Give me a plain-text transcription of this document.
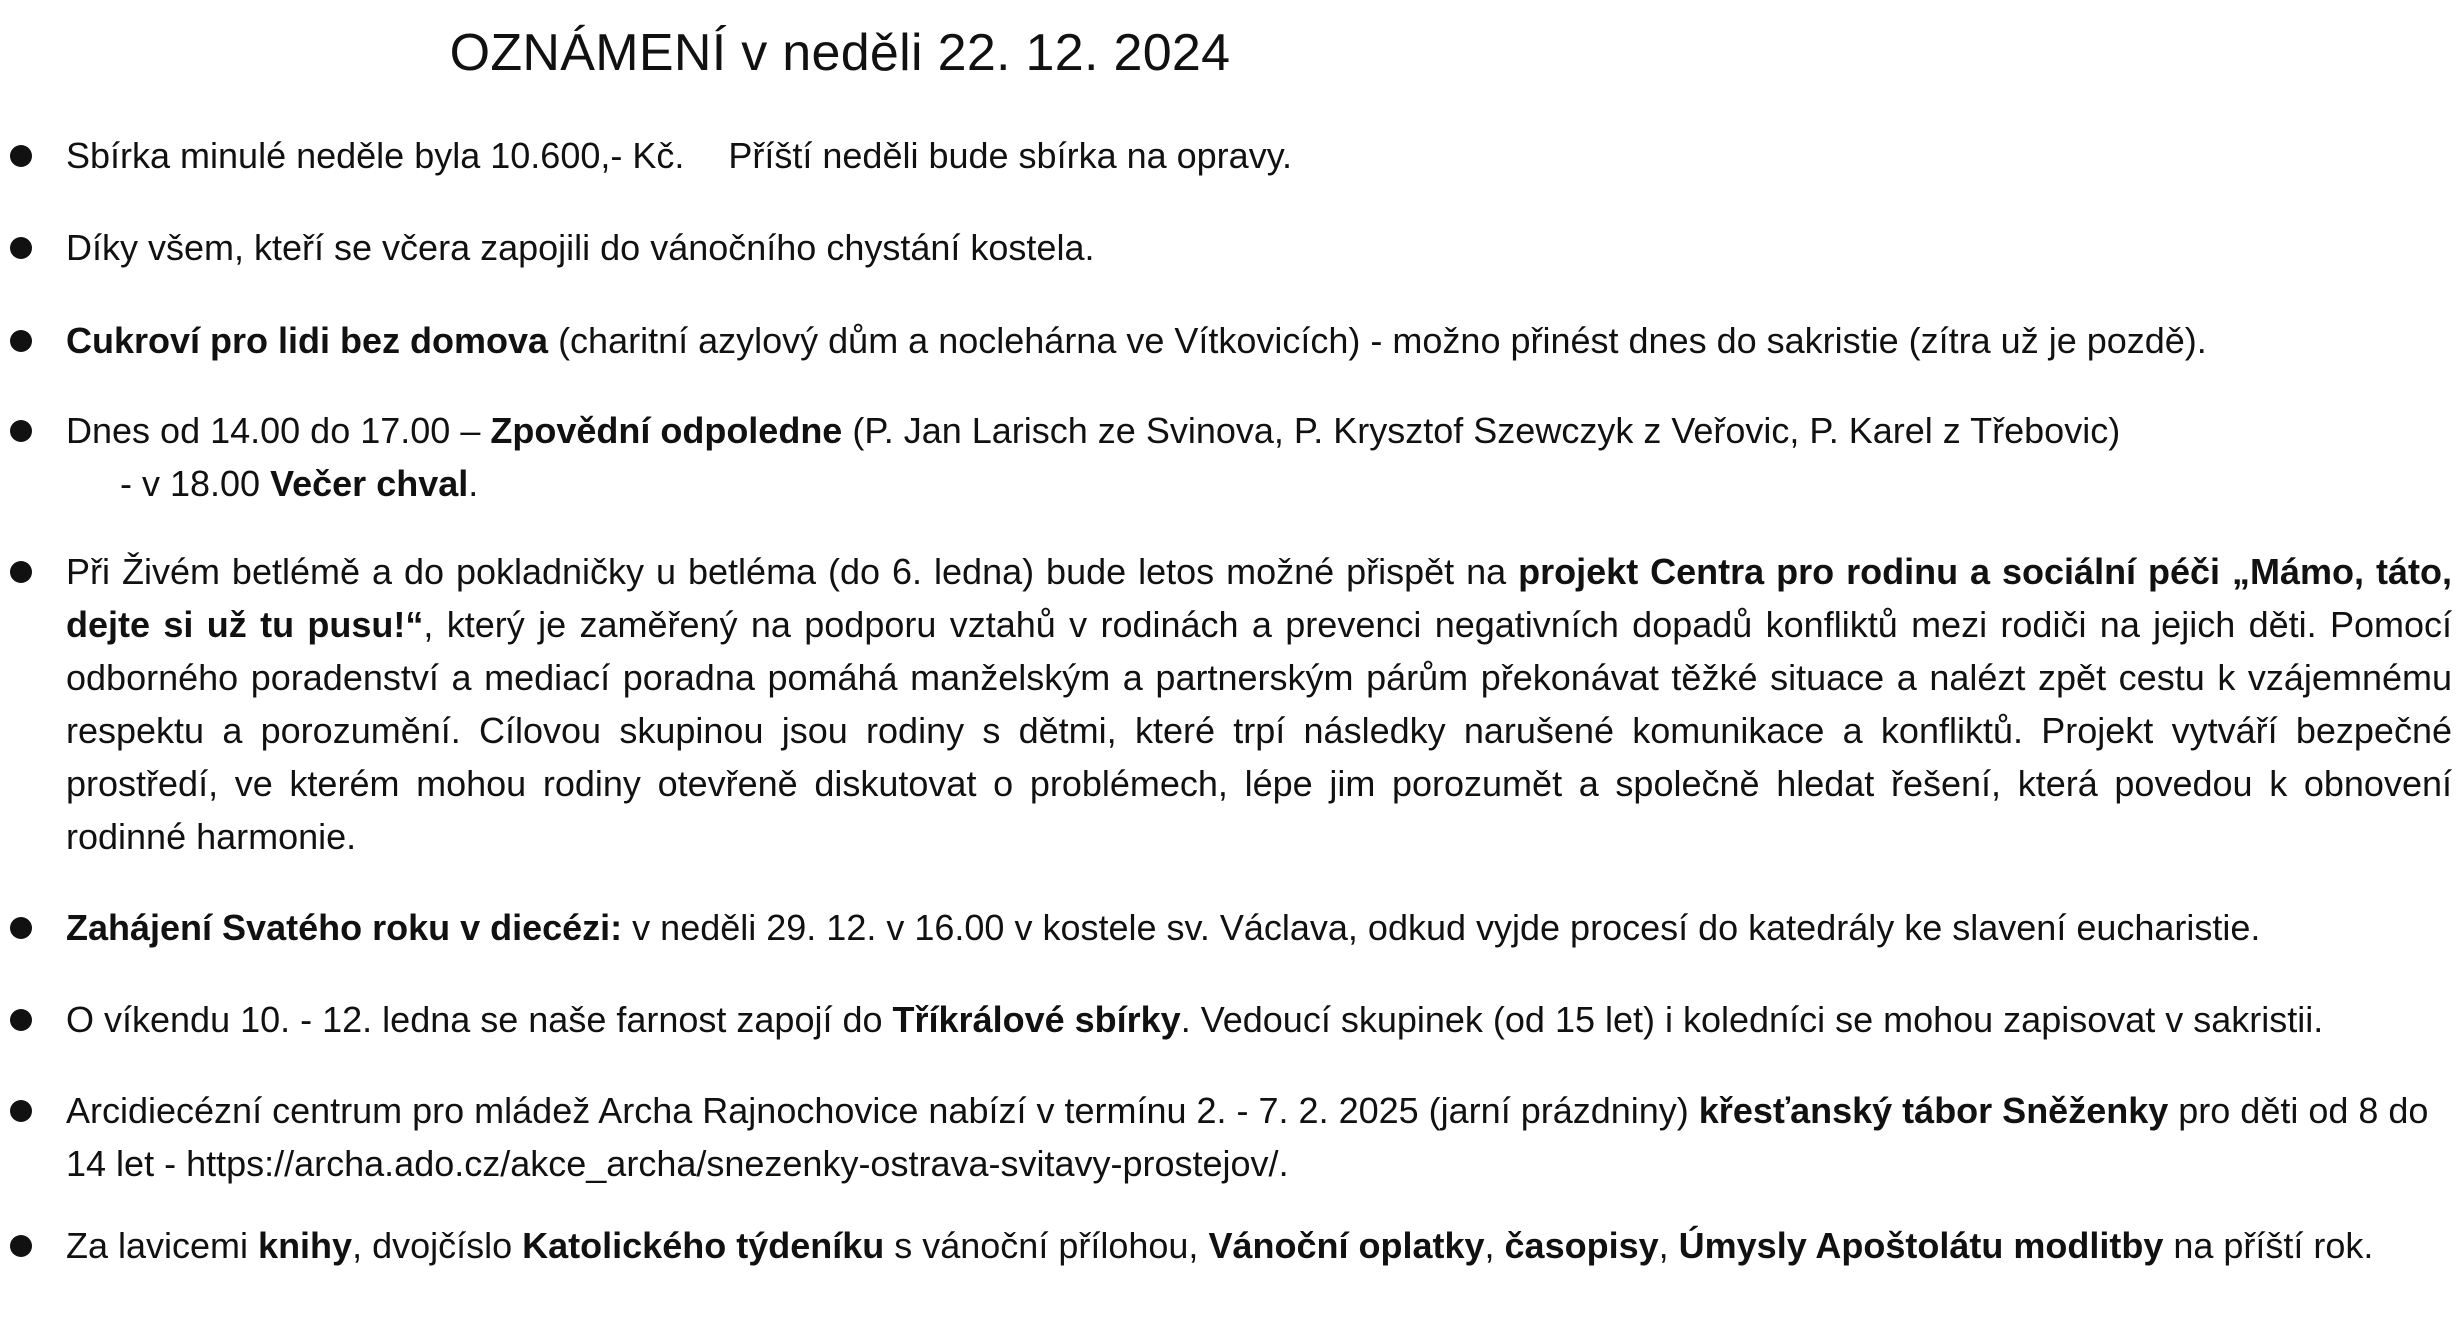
OZNÁMENÍ v neděli 22. 12. 2024
Sbírka minulé neděle byla 10.600,- Kč. Příští neděli bude sbírka na opravy.
Díky všem, kteří se včera zapojili do vánočního chystání kostela.
Cukroví pro lidi bez domova (charitní azylový dům a noclehárna ve Vítkovicích) - možno přinést dnes do sakristie (zítra už je pozdě).
Dnes od 14.00 do 17.00 – Zpovědní odpoledne (P. Jan Larisch ze Svinova, P. Krysztof Szewczyk z Veřovic, P. Karel z Třebovic)
- v 18.00 Večer chval.
Při Živém betlémě a do pokladničky u betléma (do 6. ledna) bude letos možné přispět na projekt Centra pro rodinu a sociální péči „Mámo, táto, dejte si už tu pusu!“, který je zaměřený na podporu vztahů v rodinách a prevenci negativních dopadů konfliktů mezi rodiči na jejich děti. Pomocí odborného poradenství a mediací poradna pomáhá manželským a partnerským párům překonávat těžké situace a nalézt zpět cestu k vzájemnému respektu a porozumění. Cílovou skupinou jsou rodiny s dětmi, které trpí následky narušené komunikace a konfliktů. Projekt vytváří bezpečné prostředí, ve kterém mohou rodiny otevřeně diskutovat o problémech, lépe jim porozumět a společně hledat řešení, která povedou k obnovení rodinné harmonie.
Zahájení Svatého roku v diecézi: v neděli 29. 12. v 16.00 v kostele sv. Václava, odkud vyjde procesí do katedrály ke slavení eucharistie.
O víkendu 10. - 12. ledna se naše farnost zapojí do Tříkrálové sbírky. Vedoucí skupinek (od 15 let) i koledníci se mohou zapisovat v sakristii.
Arcidiecézní centrum pro mládež Archa Rajnochovice nabízí v termínu 2. - 7. 2. 2025 (jarní prázdniny) křesťanský tábor Sněženky pro děti od 8 do 14 let - https://archa.ado.cz/akce_archa/snezenky-ostrava-svitavy-prostejov/.
Za lavicemi knihy, dvojčíslo Katolického týdeníku s vánoční přílohou, Vánoční oplatky, časopisy, Úmysly Apoštolátu modlitby na příští rok.
